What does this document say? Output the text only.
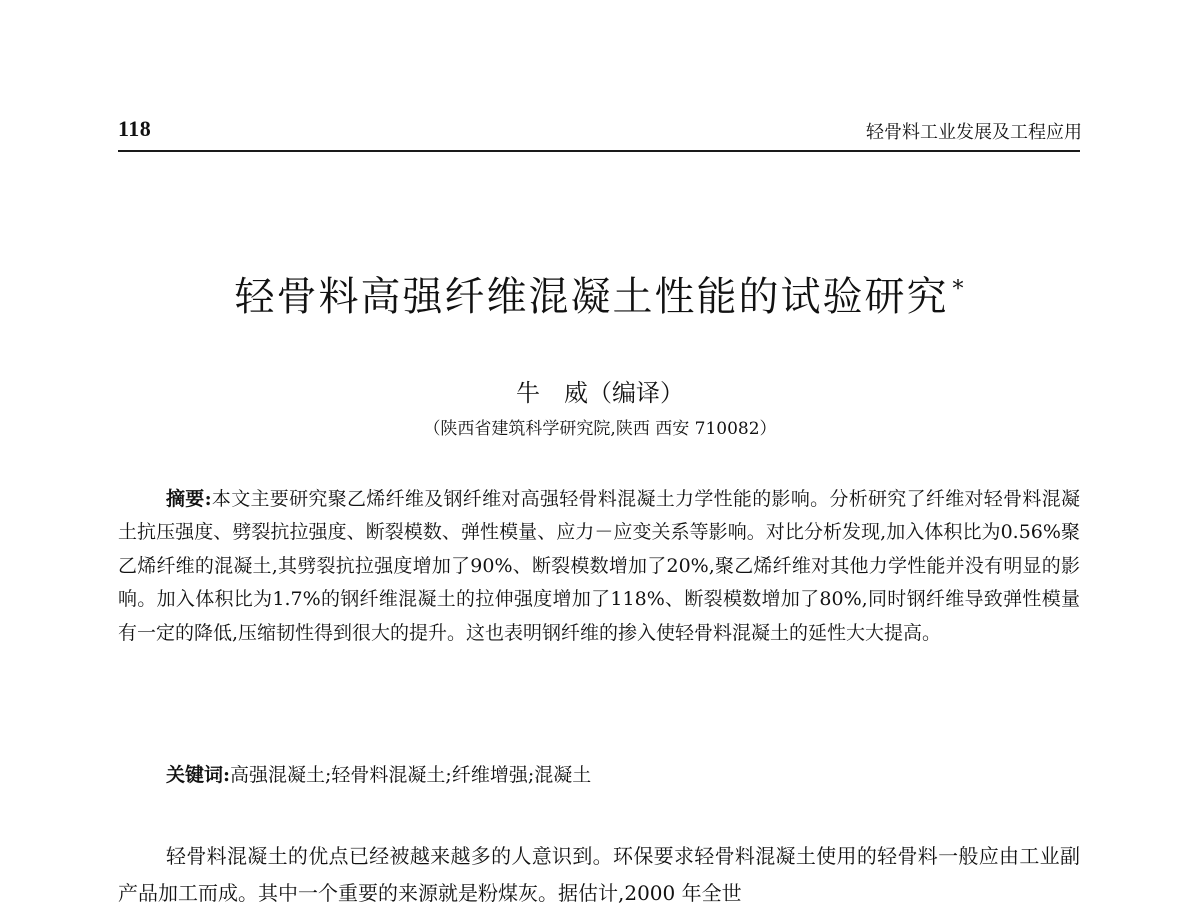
118	轻骨料工业发展及工程应用
轻骨料高强纤维混凝土性能的试验研究 *
牛　威（编译）
（陕西省建筑科学研究院,陕西 西安 710082）

摘要:本文主要研究聚乙烯纤维及钢纤维对高强轻骨料混凝土力学性能的影响。分析研究了纤维对轻骨料混凝土抗压强度、劈裂抗拉强度、断裂模数、弹性模量、应力－应变关系等影响。对比分析发现,加入体积比为0.56%聚乙烯纤维的混凝土,其劈裂抗拉强度增加了90%、断裂模数增加了20%,聚乙烯纤维对其他力学性能并没有明显的影响。加入体积比为1.7%的钢纤维混凝土的拉伸强度增加了118%、断裂模数增加了80%,同时钢纤维导致弹性模量有一定的降低,压缩韧性得到很大的提升。这也表明钢纤维的掺入使轻骨料混凝土的延性大大提高。

关键词:高强混凝土;轻骨料混凝土;纤维增强;混凝土

轻骨料混凝土的优点已经被越来越多的人意识到。环保要求轻骨料混凝土使用的轻骨料一般应由工业副产品加工而成。其中一个重要的来源就是粉煤灰。据估计,2000 年全世
